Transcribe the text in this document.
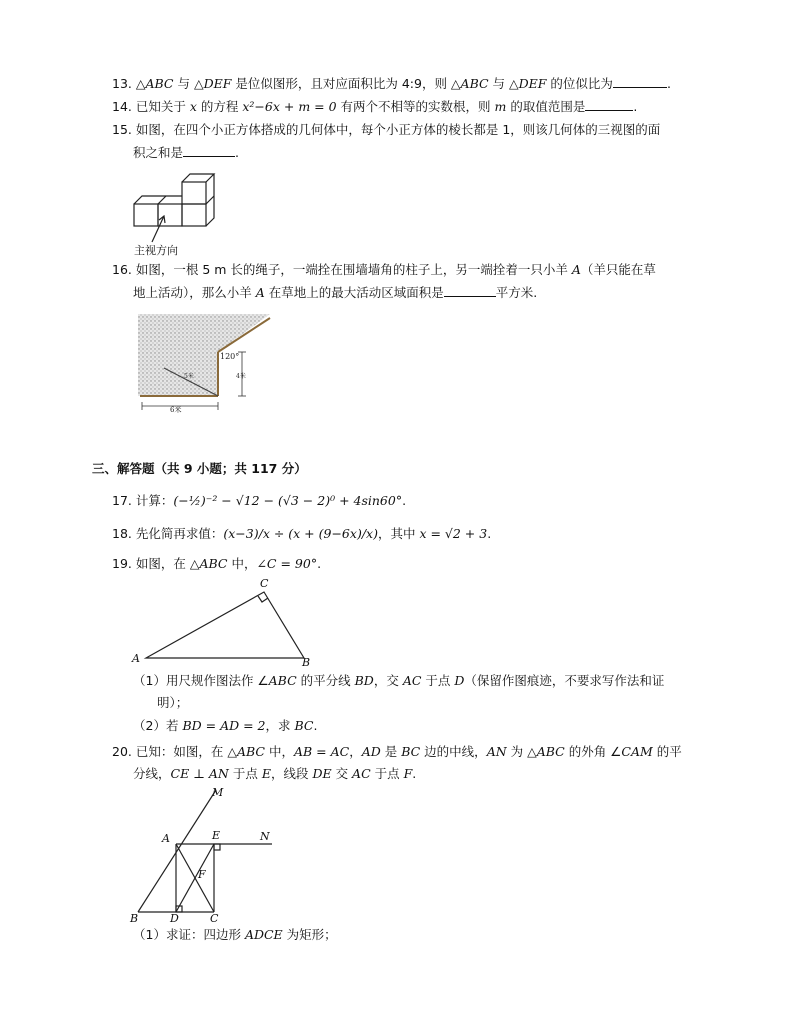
13. △ABC 与 △DEF 是位似图形，且对应面积比为 4:9，则 △ABC 与 △DEF 的位似比为	.
14. 已知关于 x 的方程 x²−6x + m = 0 有两个不相等的实数根，则 m 的取值范围是	.
15. 如图，在四个小正方体搭成的几何体中，每个小正方体的棱长都是 1，则该几何体的三视图的面
积之和是	.
主视方向
16. 如图，一根 5 m 长的绳子，一端拴在围墙墙角的柱子上，另一端拴着一只小羊 A（羊只能在草
地上活动），那么小羊 A 在草地上的最大活动区域面积是	平方米.
120°
5米	4米
6米
三、解答题（共 9 小题；共 117 分）
17. 计算：(−½)⁻² − √12 − (√3 − 2)⁰ + 4sin60°.
18. 先化简再求值：(x−3)/x ÷ (x + (9−6x)/x)，其中 x = √2 + 3.
19. 如图，在 △ABC 中，∠C = 90°.
A	B
C
（1）用尺规作图法作 ∠ABC 的平分线 BD，交 AC 于点 D（保留作图痕迹，不要求写作法和证
明）；
（2）若 BD = AD = 2，求 BC.
20. 已知：如图，在 △ABC 中，AB = AC，AD 是 BC 边的中线，AN 为 △ABC 的外角 ∠CAM 的平
分线，CE ⊥ AN 于点 E，线段 DE 交 AC 于点 F.
M
A	E	N
F
B	D	C
（1）求证：四边形 ADCE 为矩形；
